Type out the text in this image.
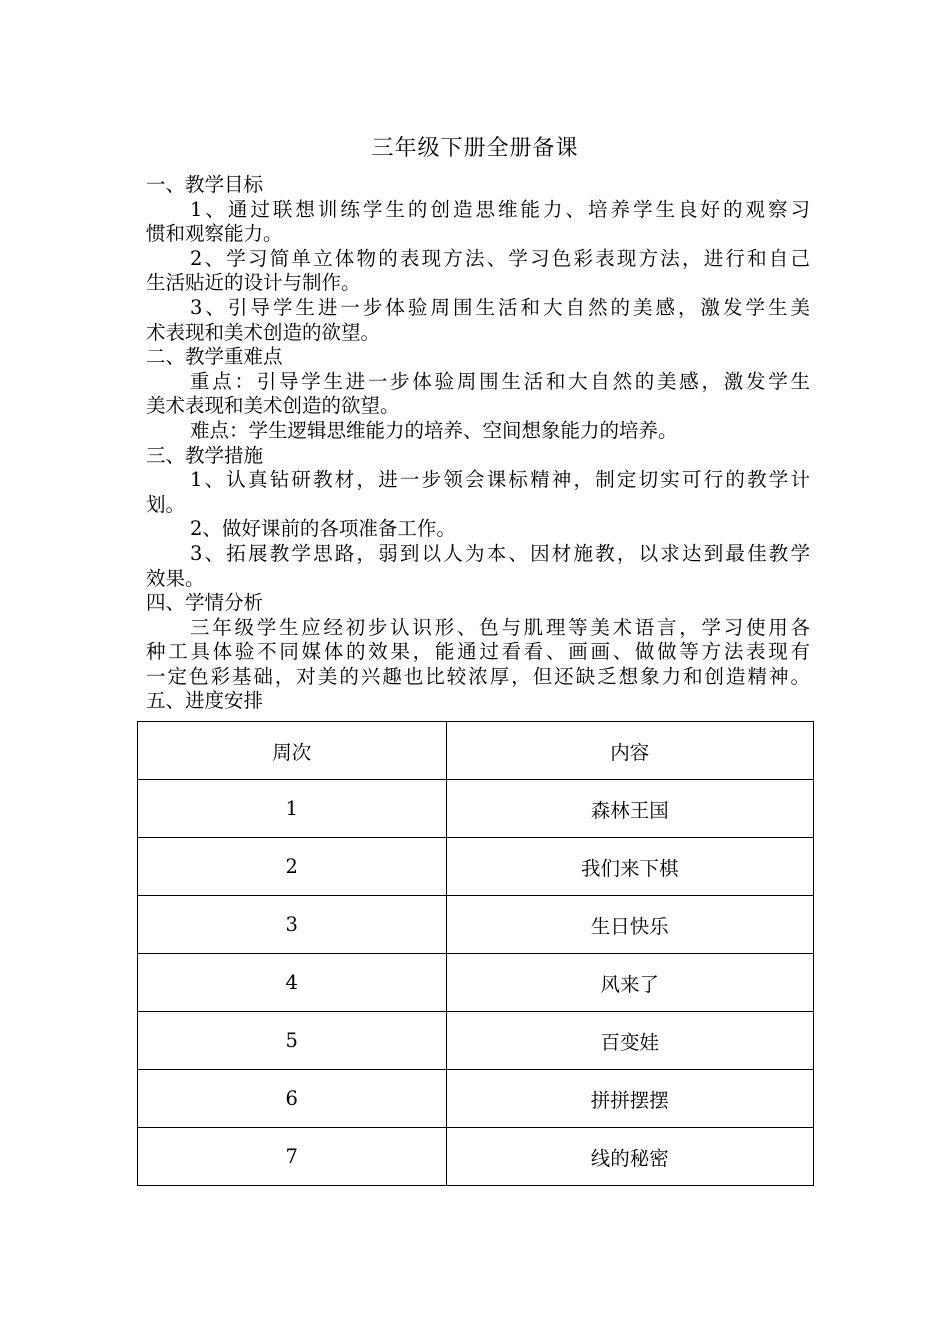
三年级下册全册备课
一、教学目标
1、通过联想训练学生的创造思维能力、培养学生良好的观察习
惯和观察能力。
2、学习简单立体物的表现方法、学习色彩表现方法，进行和自己
生活贴近的设计与制作。
3、引导学生进一步体验周围生活和大自然的美感，激发学生美
术表现和美术创造的欲望。
二、教学重难点
重点：引导学生进一步体验周围生活和大自然的美感，激发学生
美术表现和美术创造的欲望。
难点：学生逻辑思维能力的培养、空间想象能力的培养。
三、教学措施
1、认真钻研教材，进一步领会课标精神，制定切实可行的教学计
划。
2、做好课前的各项准备工作。
3、拓展教学思路，弱到以人为本、因材施教，以求达到最佳教学
效果。
四、学情分析
三年级学生应经初步认识形、色与肌理等美术语言，学习使用各
种工具体验不同媒体的效果，能通过看看、画画、做做等方法表现有
一定色彩基础，对美的兴趣也比较浓厚，但还缺乏想象力和创造精神。
五、进度安排
周次	内容
1	森林王国
2	我们来下棋
3	生日快乐
4	风来了
5	百变娃
6	拼拼摆摆
7	线的秘密
